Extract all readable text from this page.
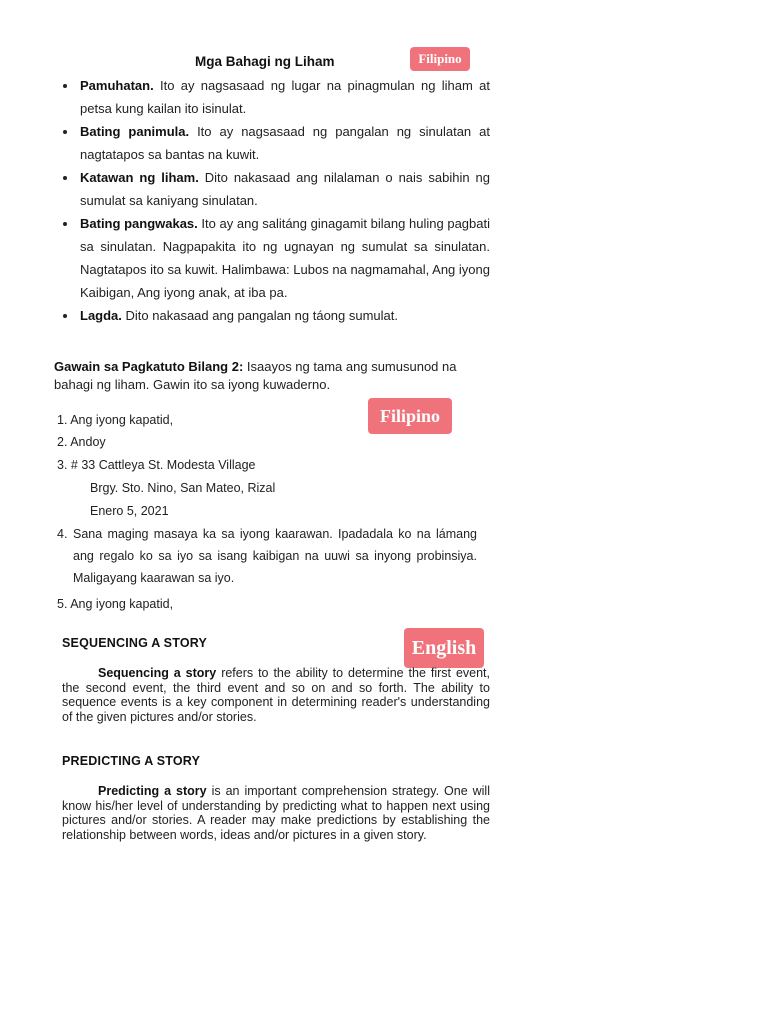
Mga Bahagi ng Liham	Filipino
• Pamuhatan. Ito ay nagsasaad ng lugar na pinagmulan ng liham at petsa kung kailan ito isinulat.
• Bating panimula. Ito ay nagsasaad ng pangalan ng sinulatan at nagtatapos sa bantas na kuwit.
• Katawan ng liham. Dito nakasaad ang nilalaman o nais sabihin ng sumulat sa kaniyang sinulatan.
• Bating pangwakas. Ito ay ang salitáng ginagamit bilang huling pagbati sa sinulatan. Nagpapakita ito ng ugnayan ng sumulat sa sinulatan. Nagtatapos ito sa kuwit. Halimbawa: Lubos na nagmamahal, Ang iyong Kaibigan, Ang iyong anak, at iba pa.
• Lagda. Dito nakasaad ang pangalan ng táong sumulat.
Gawain sa Pagkatuto Bilang 2: Isaayos ng tama ang sumusunod na bahagi ng liham. Gawin ito sa iyong kuwaderno.
Filipino
1. Ang iyong kapatid,
2. Andoy
3. # 33 Cattleya St. Modesta Village
Brgy. Sto. Nino, San Mateo, Rizal
Enero 5, 2021
4. Sana maging masaya ka sa iyong kaarawan. Ipadadala ko na lámang ang regalo ko sa iyo sa isang kaibigan na uuwi sa inyong probinsiya. Maligayang kaarawan sa iyo.
5. Ang iyong kapatid,
English
SEQUENCING A STORY
Sequencing a story refers to the ability to determine the first event, the second event, the third event and so on and so forth. The ability to sequence events is a key component in determining reader's understanding of the given pictures and/or stories.
PREDICTING A STORY
Predicting a story is an important comprehension strategy. One will know his/her level of understanding by predicting what to happen next using pictures and/or stories. A reader may make predictions by establishing the relationship between words, ideas and/or pictures in a given story.
